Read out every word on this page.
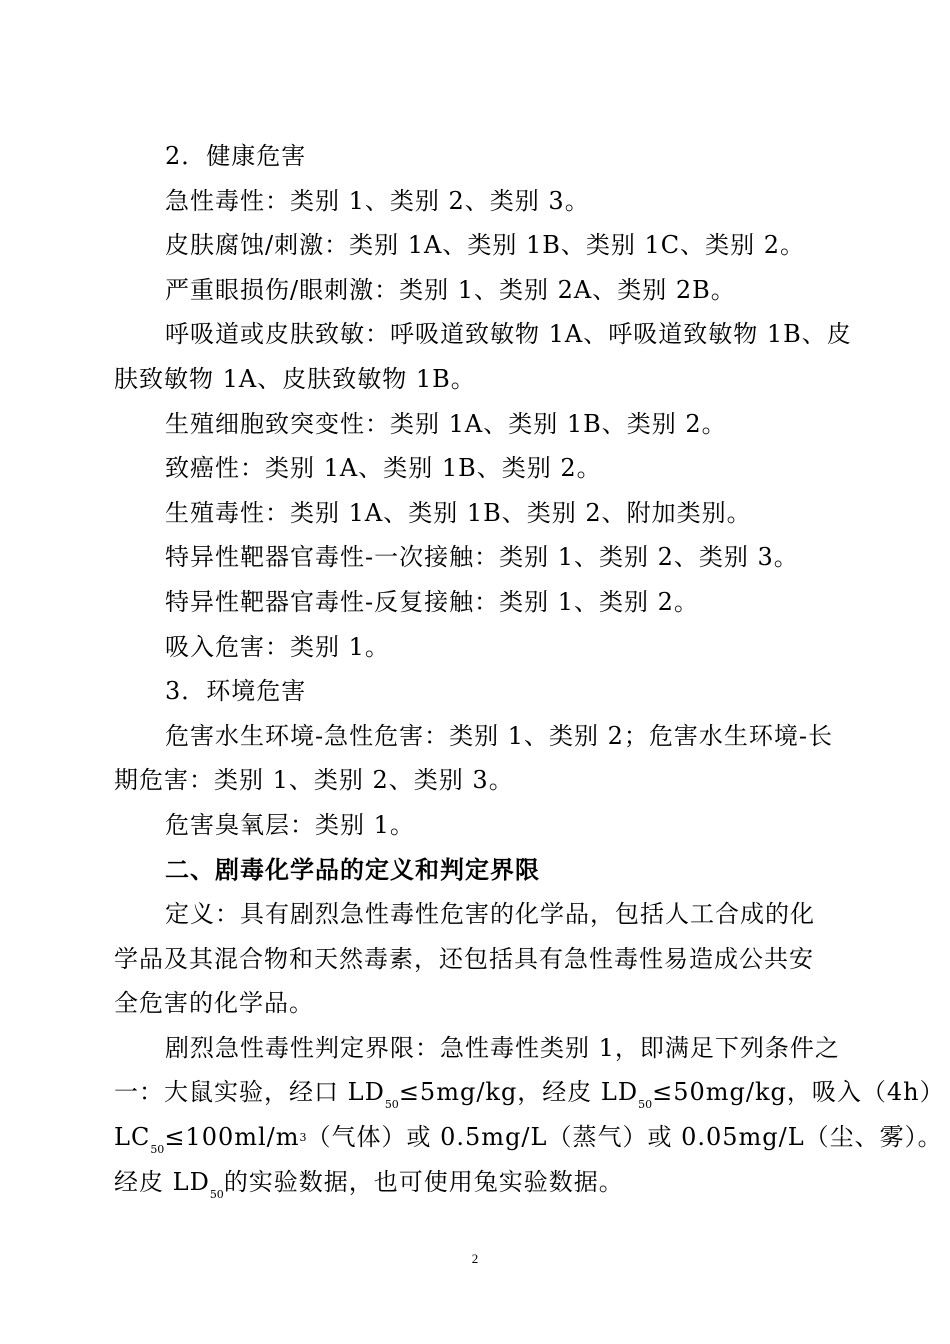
2．健康危害

急性毒性：类别 1、类别 2、类别 3。

皮肤腐蚀/刺激：类别 1A、类别 1B、类别 1C、类别 2。

严重眼损伤/眼刺激：类别 1、类别 2A、类别 2B。

呼吸道或皮肤致敏：呼吸道致敏物 1A、呼吸道致敏物 1B、皮
肤致敏物 1A、皮肤致敏物 1B。

生殖细胞致突变性：类别 1A、类别 1B、类别 2。

致癌性：类别 1A、类别 1B、类别 2。

生殖毒性：类别 1A、类别 1B、类别 2、附加类别。

特异性靶器官毒性-一次接触：类别 1、类别 2、类别 3。

特异性靶器官毒性-反复接触：类别 1、类别 2。

吸入危害：类别 1。

3．环境危害

危害水生环境-急性危害：类别 1、类别 2；危害水生环境-长
期危害：类别 1、类别 2、类别 3。

危害臭氧层：类别 1。

二、剧毒化学品的定义和判定界限

定义：具有剧烈急性毒性危害的化学品，包括人工合成的化
学品及其混合物和天然毒素，还包括具有急性毒性易造成公共安
全危害的化学品。

剧烈急性毒性判定界限：急性毒性类别 1，即满足下列条件之
一：大鼠实验，经口 $LD_{50}\le 5mg/kg$，经皮 $LD_{50}\le 50mg/kg$，吸入（4h）
$LC_{50}\le 100ml/m^3$（气体）或 0.5mg/L（蒸气）或 0.05mg/L（尘、雾）。
经皮 $LD_{50}$的实验数据，也可使用兔实验数据。

2
